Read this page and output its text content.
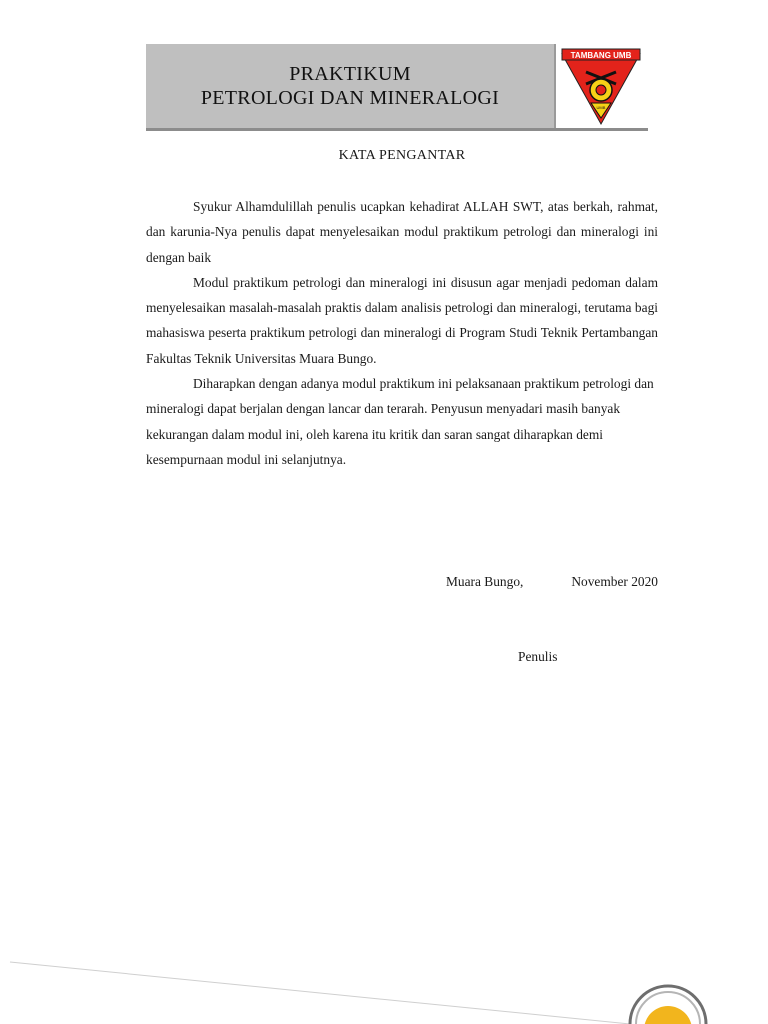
PRAKTIKUM
PETROLOGI DAN MINERALOGI
TAMBANG UMB
UMB
KATA PENGANTAR

Syukur Alhamdulillah penulis ucapkan kehadirat ALLAH SWT, atas berkah, rahmat, dan karunia-Nya penulis dapat menyelesaikan modul praktikum petrologi dan mineralogi ini dengan baik

Modul praktikum petrologi dan mineralogi ini disusun agar menjadi pedoman dalam menyelesaikan masalah-masalah praktis dalam analisis petrologi dan mineralogi, terutama bagi mahasiswa peserta praktikum petrologi dan mineralogi di Program Studi Teknik Pertambangan Fakultas Teknik Universitas Muara Bungo.

Diharapkan dengan adanya modul praktikum ini pelaksanaan praktikum petrologi dan mineralogi dapat berjalan dengan lancar dan terarah. Penyusun menyadari masih banyak kekurangan dalam modul ini, oleh karena itu kritik dan saran sangat diharapkan demi kesempurnaan modul ini selanjutnya.

Muara Bungo,	November 2020
Penulis
